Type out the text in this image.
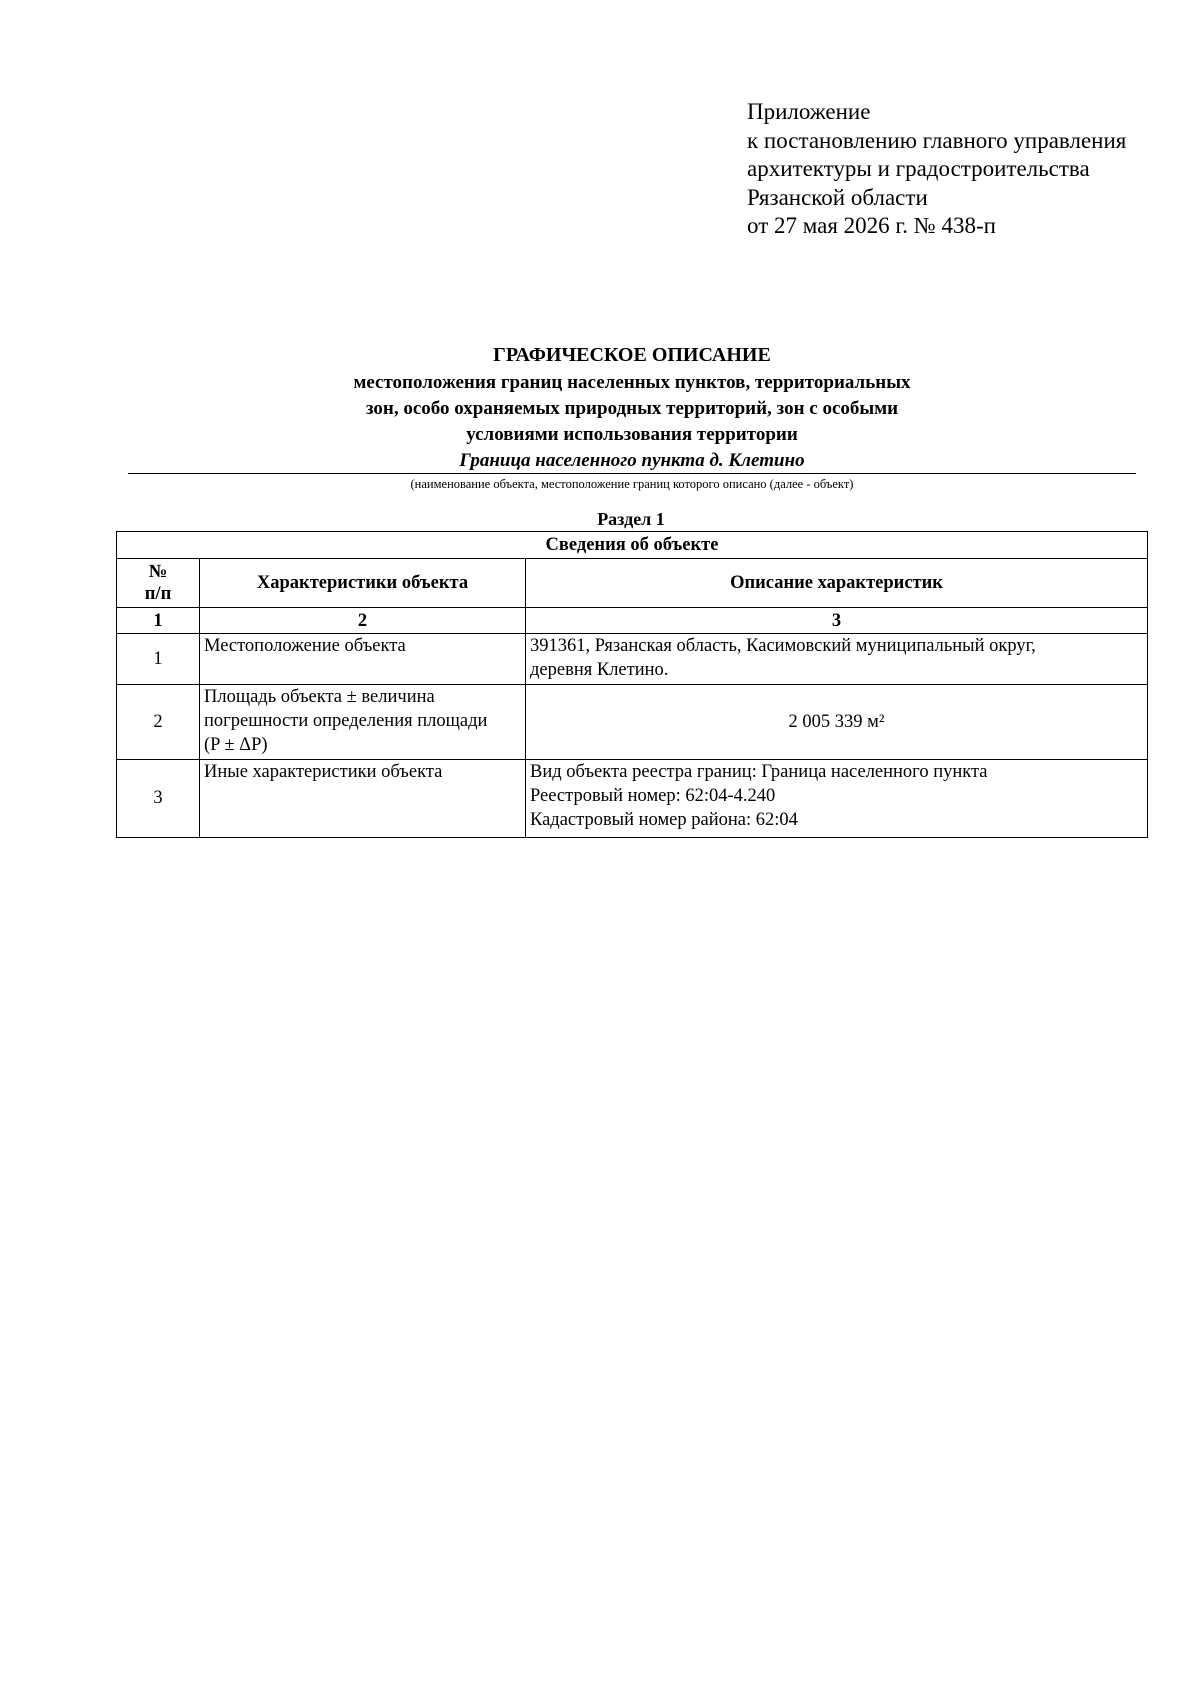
Приложение
к постановлению главного управления
архитектуры и градостроительства
Рязанской области
от 27 мая 2026 г. № 438-п
ГРАФИЧЕСКОЕ ОПИСАНИЕ
местоположения границ населенных пунктов, территориальных
зон, особо охраняемых природных территорий, зон с особыми
условиями использования территории
Граница населенного пункта д. Клетино
(наименование объекта, местоположение границ которого описано (далее - объект)
Раздел 1
Сведения об объекте		

№
п/п	Характеристики объекта	Описание характеристик
1	2	3
1	Местоположение объекта	391361, Рязанская область, Касимовский муниципальный округ,
деревня Клетино.

2	Площадь объекта ± величина
погрешности определения площади
(P ± ΔР)	2 005 339 м²
3	Иные характеристики объекта	Вид объекта реестра границ: Граница населенного пункта
Реестровый номер: 62:04-4.240
Кадастровый номер района: 62:04
